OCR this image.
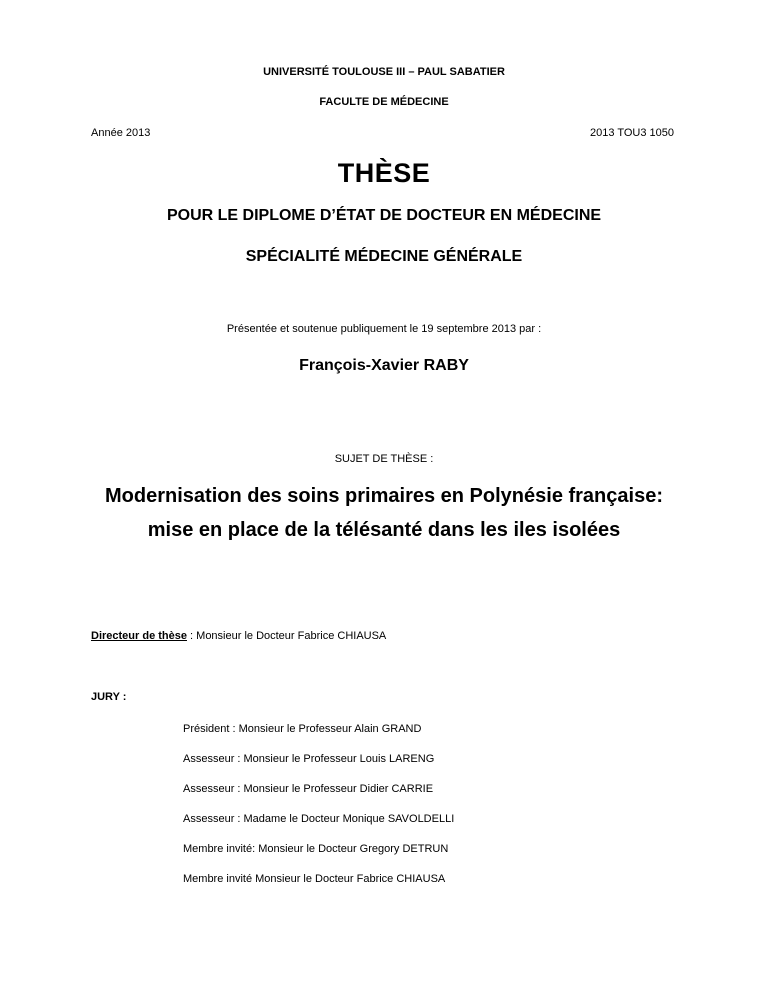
UNIVERSITÉ TOULOUSE III – PAUL SABATIER
FACULTE DE MÉDECINE
Année 2013	2013 TOU3 1050
THÈSE
POUR LE DIPLOME D’ÉTAT DE DOCTEUR EN MÉDECINE
SPÉCIALITÉ MÉDECINE GÉNÉRALE
Présentée et soutenue publiquement le 19 septembre 2013 par :
François-Xavier RABY
SUJET DE THÈSE :
Modernisation des soins primaires en Polynésie française:
mise en place de la télésanté dans les iles isolées
Directeur de thèse : Monsieur le Docteur Fabrice CHIAUSA
JURY :
Président : Monsieur le Professeur Alain GRAND
Assesseur : Monsieur le Professeur Louis LARENG
Assesseur : Monsieur le Professeur Didier CARRIE
Assesseur : Madame le Docteur Monique SAVOLDELLI
Membre invité: Monsieur le Docteur Gregory DETRUN
Membre invité Monsieur le Docteur Fabrice CHIAUSA
